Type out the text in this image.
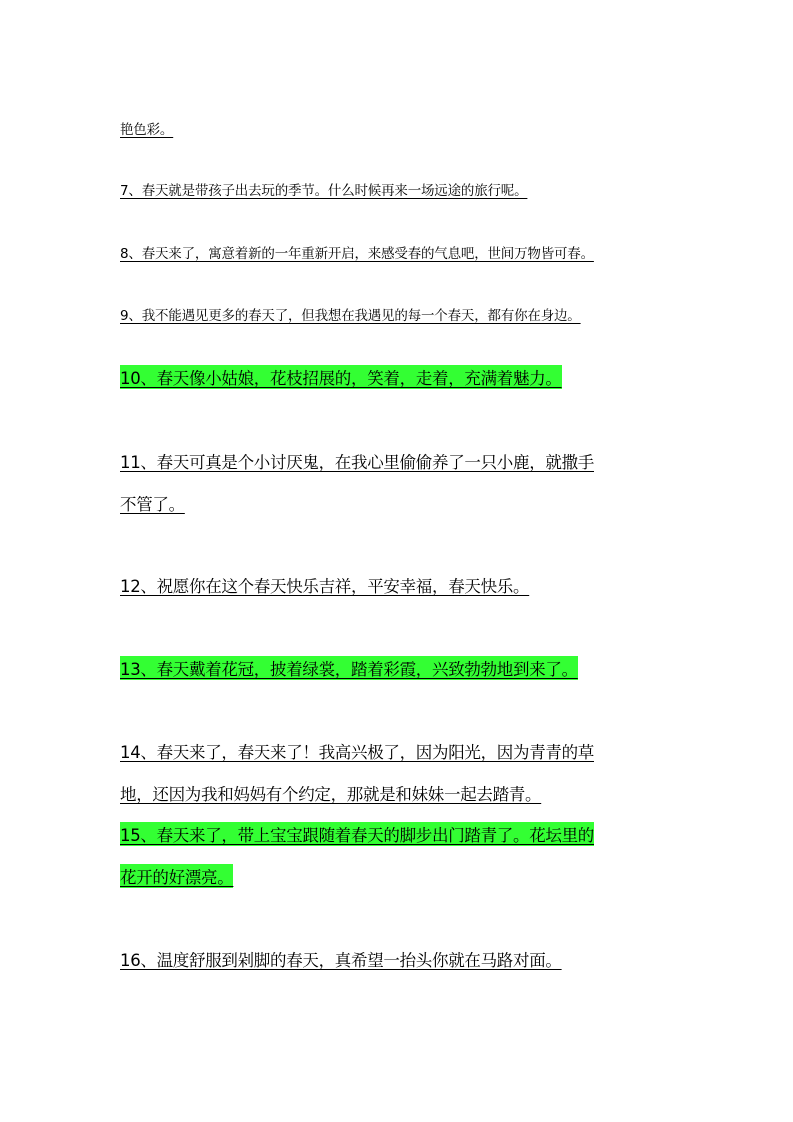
艳色彩。
7、春天就是带孩子出去玩的季节。什么时候再来一场远途的旅行呢。
8、春天来了，寓意着新的一年重新开启，来感受春的气息吧，世间万物皆可春。
9、我不能遇见更多的春天了，但我想在我遇见的每一个春天，都有你在身边。
10、春天像小姑娘，花枝招展的，笑着，走着，充满着魅力。
11、春天可真是个小讨厌鬼，在我心里偷偷养了一只小鹿，就撒手
不管了。
12、祝愿你在这个春天快乐吉祥，平安幸福，春天快乐。
13、春天戴着花冠，披着绿裳，踏着彩霞，兴致勃勃地到来了。
14、春天来了，春天来了！我高兴极了，因为阳光，因为青青的草
地，还因为我和妈妈有个约定，那就是和妹妹一起去踏青。
15、春天来了，带上宝宝跟随着春天的脚步出门踏青了。花坛里的
花开的好漂亮。
16、温度舒服到剁脚的春天，真希望一抬头你就在马路对面。
